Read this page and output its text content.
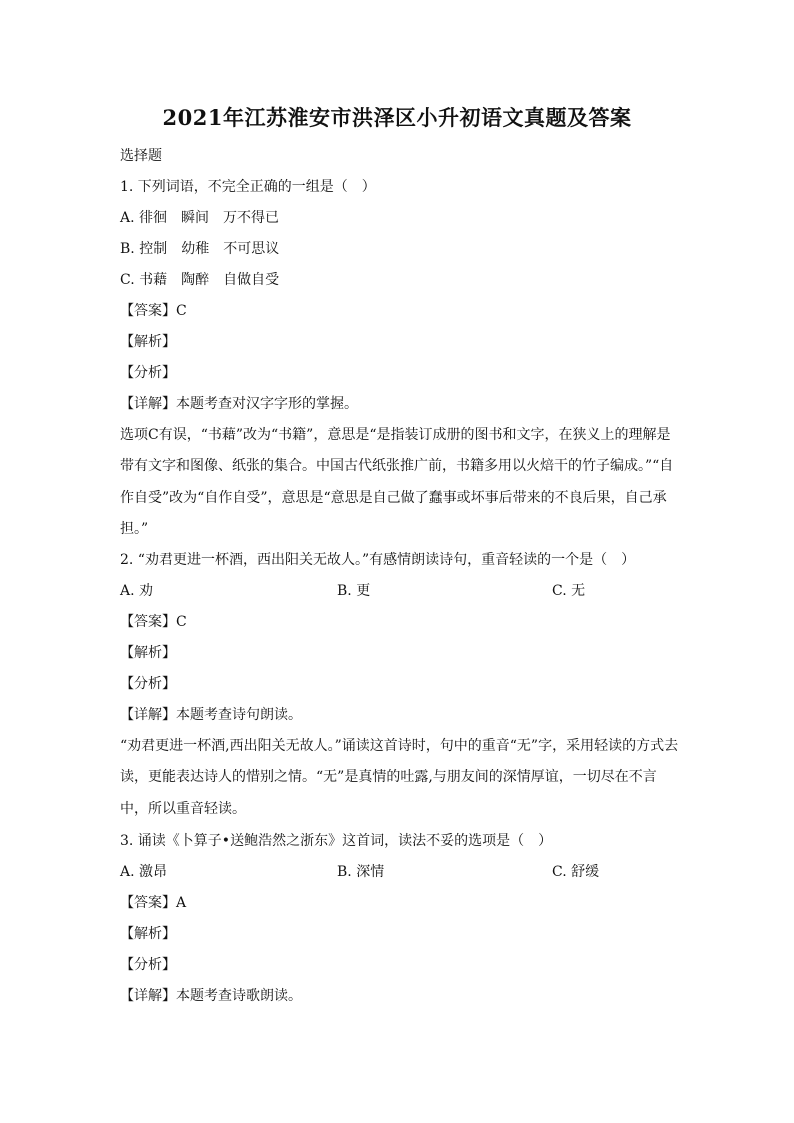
2021年江苏淮安市洪泽区小升初语文真题及答案
选择题
1. 下列词语，不完全正确的一组是（　）
A. 徘徊　瞬间　万不得已
B. 控制　幼稚　不可思议
C. 书藉　陶醉　自做自受
【答案】C
【解析】
【分析】
【详解】本题考查对汉字字形的掌握。
选项C有误，“书藉”改为“书籍”，意思是“是指装订成册的图书和文字，在狭义上的理解是带有文字和图像、纸张的集合。中国古代纸张推广前，书籍多用以火焙干的竹子编成。”“自作自受”改为“自作自受”，意思是“意思是自己做了蠢事或坏事后带来的不良后果，自己承担。”
2. “劝君更进一杯酒，西出阳关无故人。”有感情朗读诗句，重音轻读的一个是（　）
A. 劝	B. 更	C. 无
【答案】C
【解析】
【分析】
【详解】本题考查诗句朗读。
“劝君更进一杯酒,西出阳关无故人。”诵读这首诗时，句中的重音“无”字，采用轻读的方式去读，更能表达诗人的惜别之情。“无”是真情的吐露,与朋友间的深情厚谊，一切尽在不言中，所以重音轻读。
3. 诵读《卜算子•送鲍浩然之浙东》这首词，读法不妥的选项是（　）
A. 激昂	B. 深情	C. 舒缓
【答案】A
【解析】
【分析】
【详解】本题考查诗歌朗读。
